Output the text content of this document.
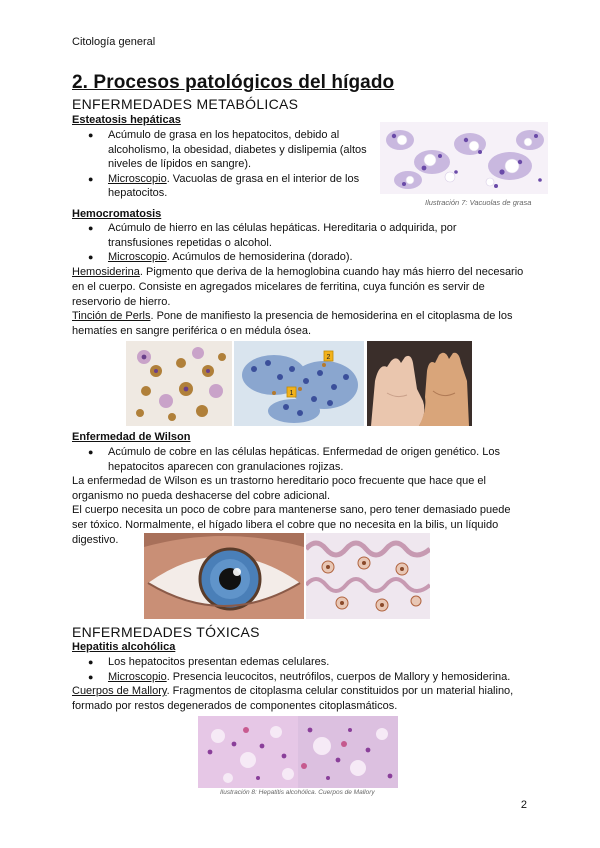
Citología general
2. Procesos patológicos del hígado
ENFERMEDADES METABÓLICAS
Esteatosis hepáticas
● Acúmulo de grasa en los hepatocitos, debido al alcoholismo, la obesidad, diabetes y dislipemia (altos niveles de lípidos en sangre).
● Microscopio. Vacuolas de grasa en el interior de los hepatocitos.
Ilustración 7: Vacuolas de grasa
Hemocromatosis
● Acúmulo de hierro en las células hepáticas. Hereditaria o adquirida, por transfusiones repetidas o alcohol.
● Microscopio. Acúmulos de hemosiderina (dorado).
Hemosiderina. Pigmento que deriva de la hemoglobina cuando hay más hierro del necesario en el cuerpo. Consiste en agregados micelares de ferritina, cuya función es servir de reservorio de hierro.
Tinción de Perls. Pone de manifiesto la presencia de hemosiderina en el citoplasma de los hematíes en sangre periférica o en médula ósea.
2
1
Enfermedad de Wilson
● Acúmulo de cobre en las células hepáticas. Enfermedad de origen genético. Los hepatocitos aparecen con granulaciones rojizas.
La enfermedad de Wilson es un trastorno hereditario poco frecuente que hace que el organismo no pueda deshacerse del cobre adicional.
El cuerpo necesita un poco de cobre para mantenerse sano, pero tener demasiado puede ser tóxico. Normalmente, el hígado libera el cobre que no necesita en la bilis, un líquido digestivo.
ENFERMEDADES TÓXICAS
Hepatitis alcohólica
● Los hepatocitos presentan edemas celulares.
● Microscopio. Presencia leucocitos, neutrófilos, cuerpos de Mallory y hemosiderina.
Cuerpos de Mallory. Fragmentos de citoplasma celular constituidos por un material hialino, formado por restos degenerados de componentes citoplasmáticos.
Ilustración 8: Hepatitis alcohólica. Cuerpos de Mallory
2
